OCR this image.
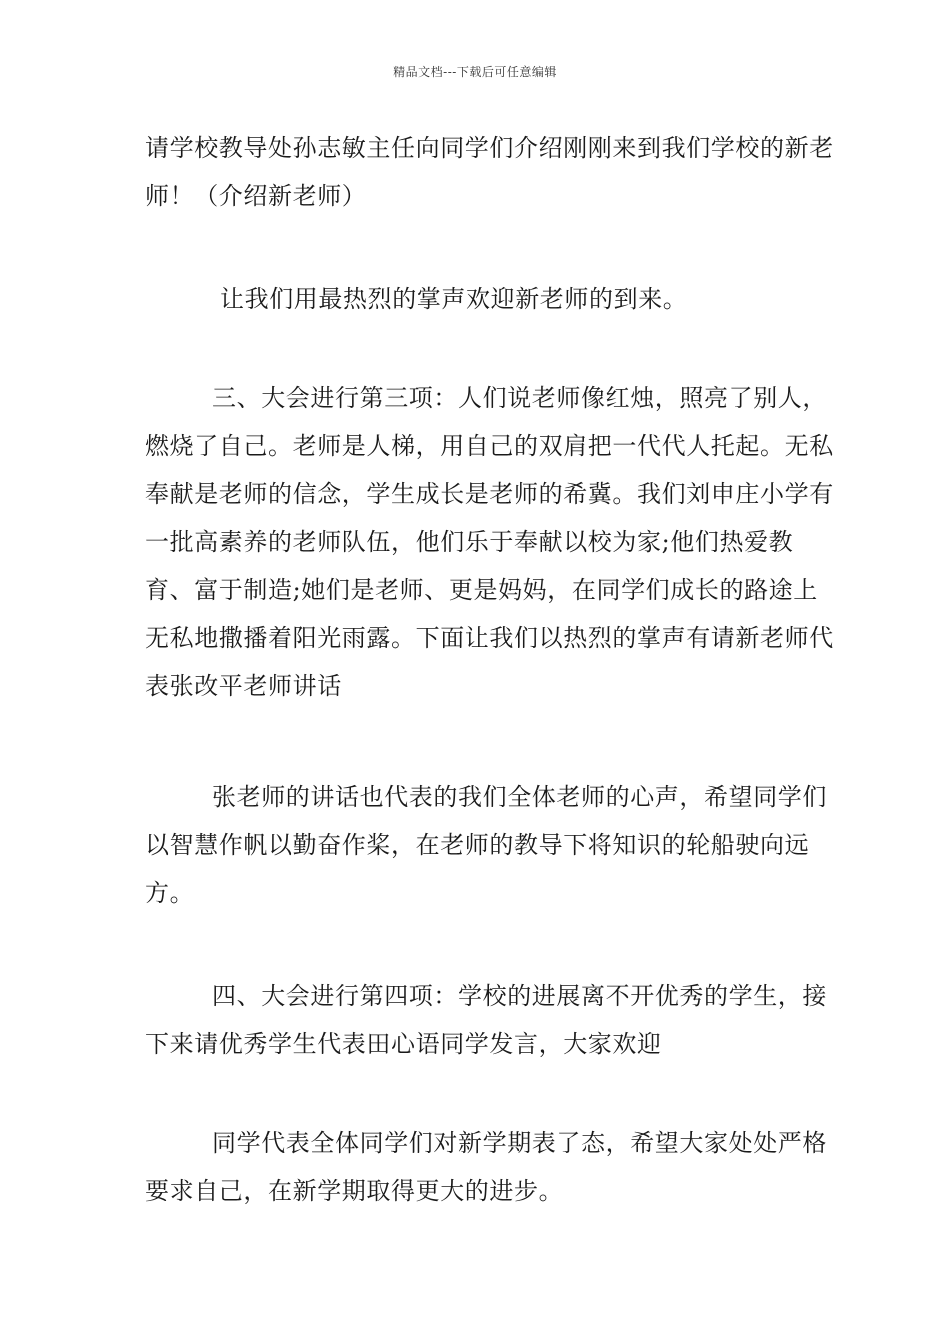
精品文档---下载后可任意编辑

请学校教导处孙志敏主任向同学们介绍刚刚来到我们学校的新老师！（介绍新老师）

让我们用最热烈的掌声欢迎新老师的到来。

三、大会进行第三项：人们说老师像红烛，照亮了别人，燃烧了自己。老师是人梯，用自己的双肩把一代代人托起。无私奉献是老师的信念，学生成长是老师的希冀。我们刘申庄小学有一批高素养的老师队伍，他们乐于奉献以校为家;他们热爱教育、富于制造;她们是老师、更是妈妈，在同学们成长的路途上无私地撒播着阳光雨露。下面让我们以热烈的掌声有请新老师代表张改平老师讲话

张老师的讲话也代表的我们全体老师的心声，希望同学们以智慧作帆以勤奋作桨，在老师的教导下将知识的轮船驶向远方。

四、大会进行第四项：学校的进展离不开优秀的学生，接下来请优秀学生代表田心语同学发言，大家欢迎

同学代表全体同学们对新学期表了态，希望大家处处严格要求自己，在新学期取得更大的进步。
